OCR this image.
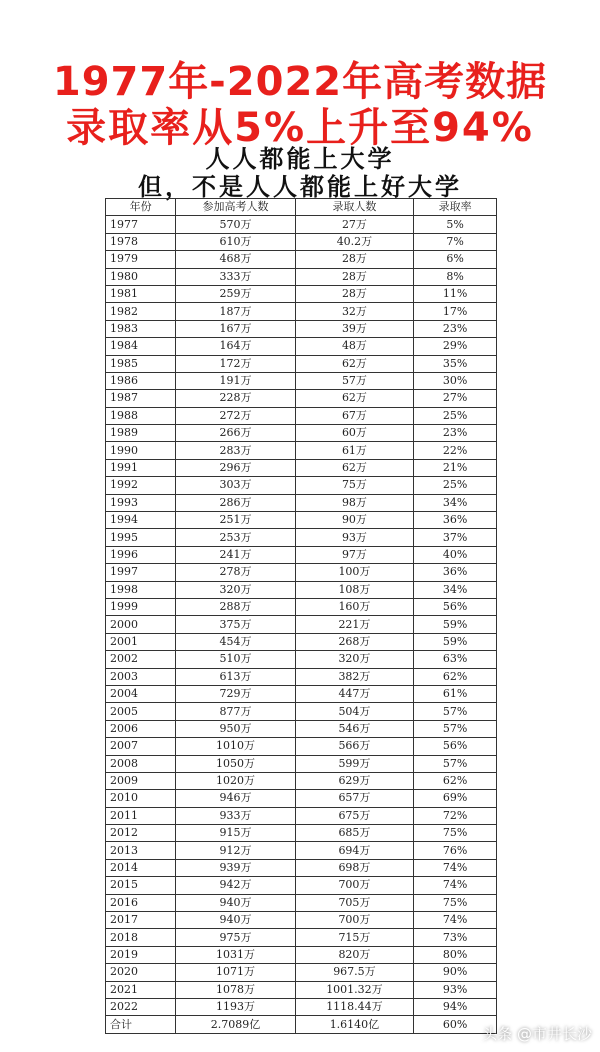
1977年-2022年高考数据
录取率从5%上升至94%
人人都能上大学
但，不是人人都能上好大学
年份	参加高考人数	录取人数	录取率
1977	570万	27万	5%
1978	610万	40.2万	7%
1979	468万	28万	6%
1980	333万	28万	8%
1981	259万	28万	11%
1982	187万	32万	17%
1983	167万	39万	23%
1984	164万	48万	29%
1985	172万	62万	35%
1986	191万	57万	30%
1987	228万	62万	27%
1988	272万	67万	25%
1989	266万	60万	23%
1990	283万	61万	22%
1991	296万	62万	21%
1992	303万	75万	25%
1993	286万	98万	34%
1994	251万	90万	36%
1995	253万	93万	37%
1996	241万	97万	40%
1997	278万	100万	36%
1998	320万	108万	34%
1999	288万	160万	56%
2000	375万	221万	59%
2001	454万	268万	59%
2002	510万	320万	63%
2003	613万	382万	62%
2004	729万	447万	61%
2005	877万	504万	57%
2006	950万	546万	57%
2007	1010万	566万	56%
2008	1050万	599万	57%
2009	1020万	629万	62%
2010	946万	657万	69%
2011	933万	675万	72%
2012	915万	685万	75%
2013	912万	694万	76%
2014	939万	698万	74%
2015	942万	700万	74%
2016	940万	705万	75%
2017	940万	700万	74%
2018	975万	715万	73%
2019	1031万	820万	80%
2020	1071万	967.5万	90%
2021	1078万	1001.32万	93%
2022	1193万	1118.44万	94%
合计	2.7089亿	1.6140亿	60%
头条 @市井长沙
